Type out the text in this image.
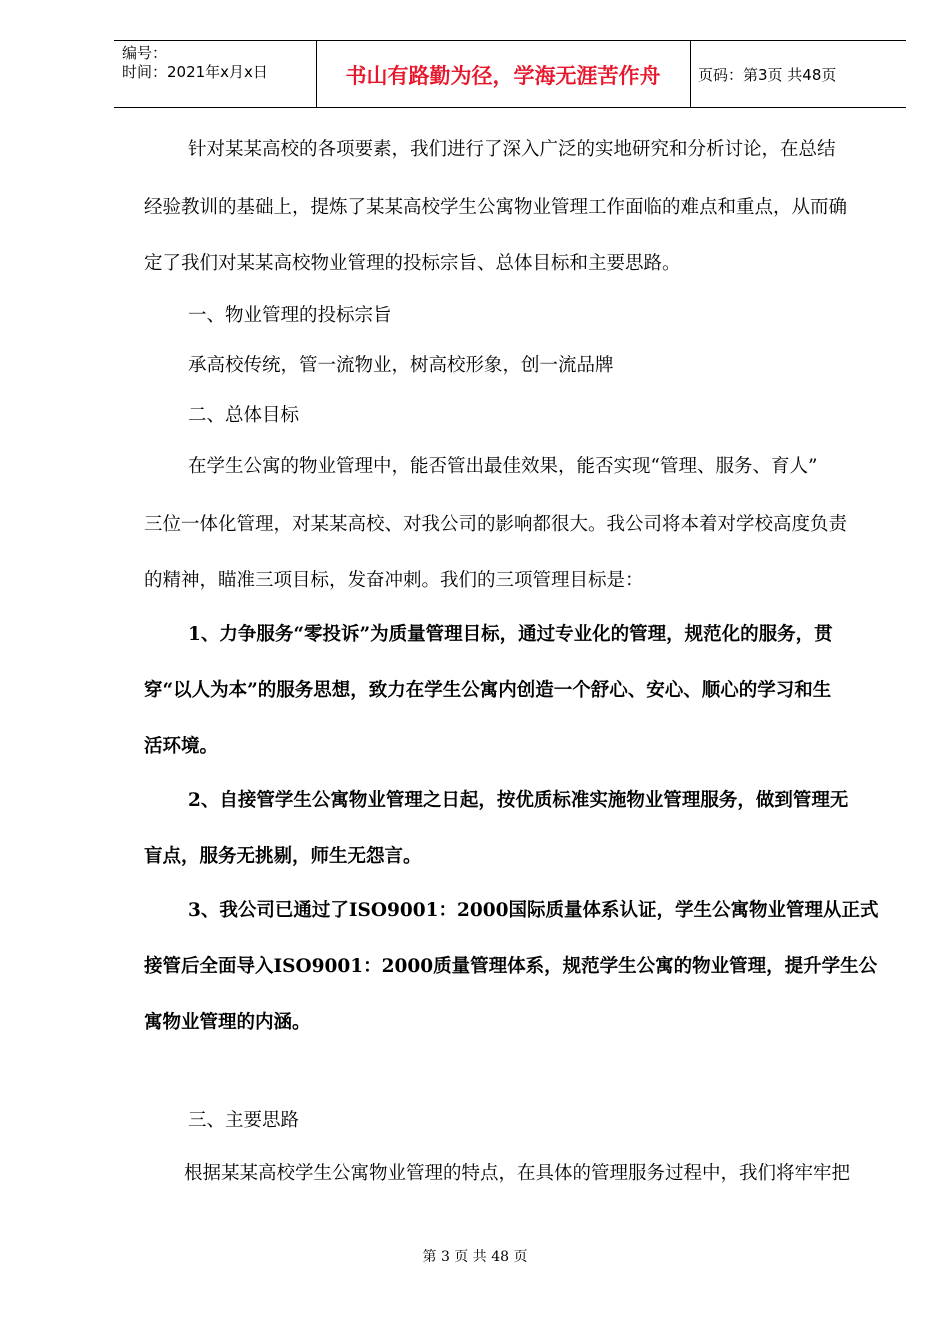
编号：
时间：2021年x月x日	书山有路勤为径，学海无涯苦作舟	页码：第3页 共48页
针对某某高校的各项要素，我们进行了深入广泛的实地研究和分析讨论，在总结
经验教训的基础上，提炼了某某高校学生公寓物业管理工作面临的难点和重点，从而确
定了我们对某某高校物业管理的投标宗旨、总体目标和主要思路。
一、物业管理的投标宗旨
承高校传统，管一流物业，树高校形象，创一流品牌
二、总体目标
在学生公寓的物业管理中，能否管出最佳效果，能否实现“管理、服务、育人”
三位一体化管理，对某某高校、对我公司的影响都很大。我公司将本着对学校高度负责
的精神，瞄准三项目标，发奋冲刺。我们的三项管理目标是：
1、力争服务“零投诉”为质量管理目标，通过专业化的管理，规范化的服务，贯
穿“以人为本”的服务思想，致力在学生公寓内创造一个舒心、安心、顺心的学习和生
活环境。
2、自接管学生公寓物业管理之日起，按优质标准实施物业管理服务，做到管理无
盲点，服务无挑剔，师生无怨言。
3、我公司已通过了ISO9001：2000国际质量体系认证，学生公寓物业管理从正式
接管后全面导入ISO9001：2000质量管理体系，规范学生公寓的物业管理，提升学生公
寓物业管理的内涵。
三、主要思路
根据某某高校学生公寓物业管理的特点，在具体的管理服务过程中，我们将牢牢把
第 3 页 共 48 页
